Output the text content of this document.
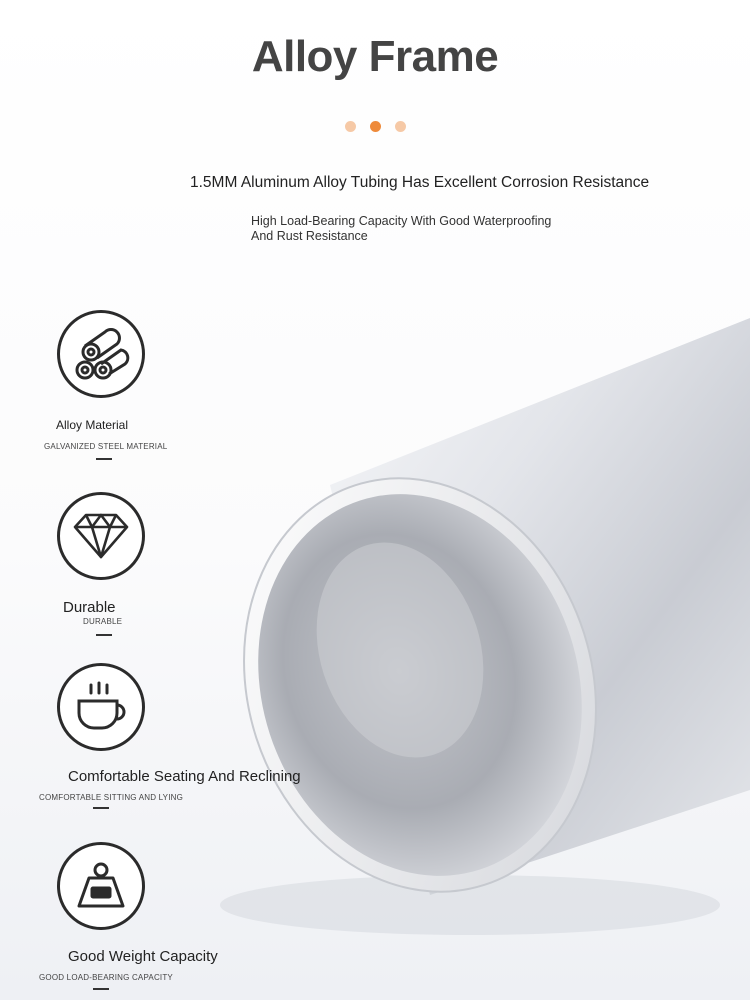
Alloy Frame
1.5MM Aluminum Alloy Tubing Has Excellent Corrosion Resistance
High Load-Bearing Capacity With Good Waterproofing
And Rust Resistance
Alloy Material
GALVANIZED STEEL MATERIAL
Durable
DURABLE
Comfortable Seating And Reclining
COMFORTABLE SITTING AND LYING
Good Weight Capacity
GOOD LOAD-BEARING CAPACITY
